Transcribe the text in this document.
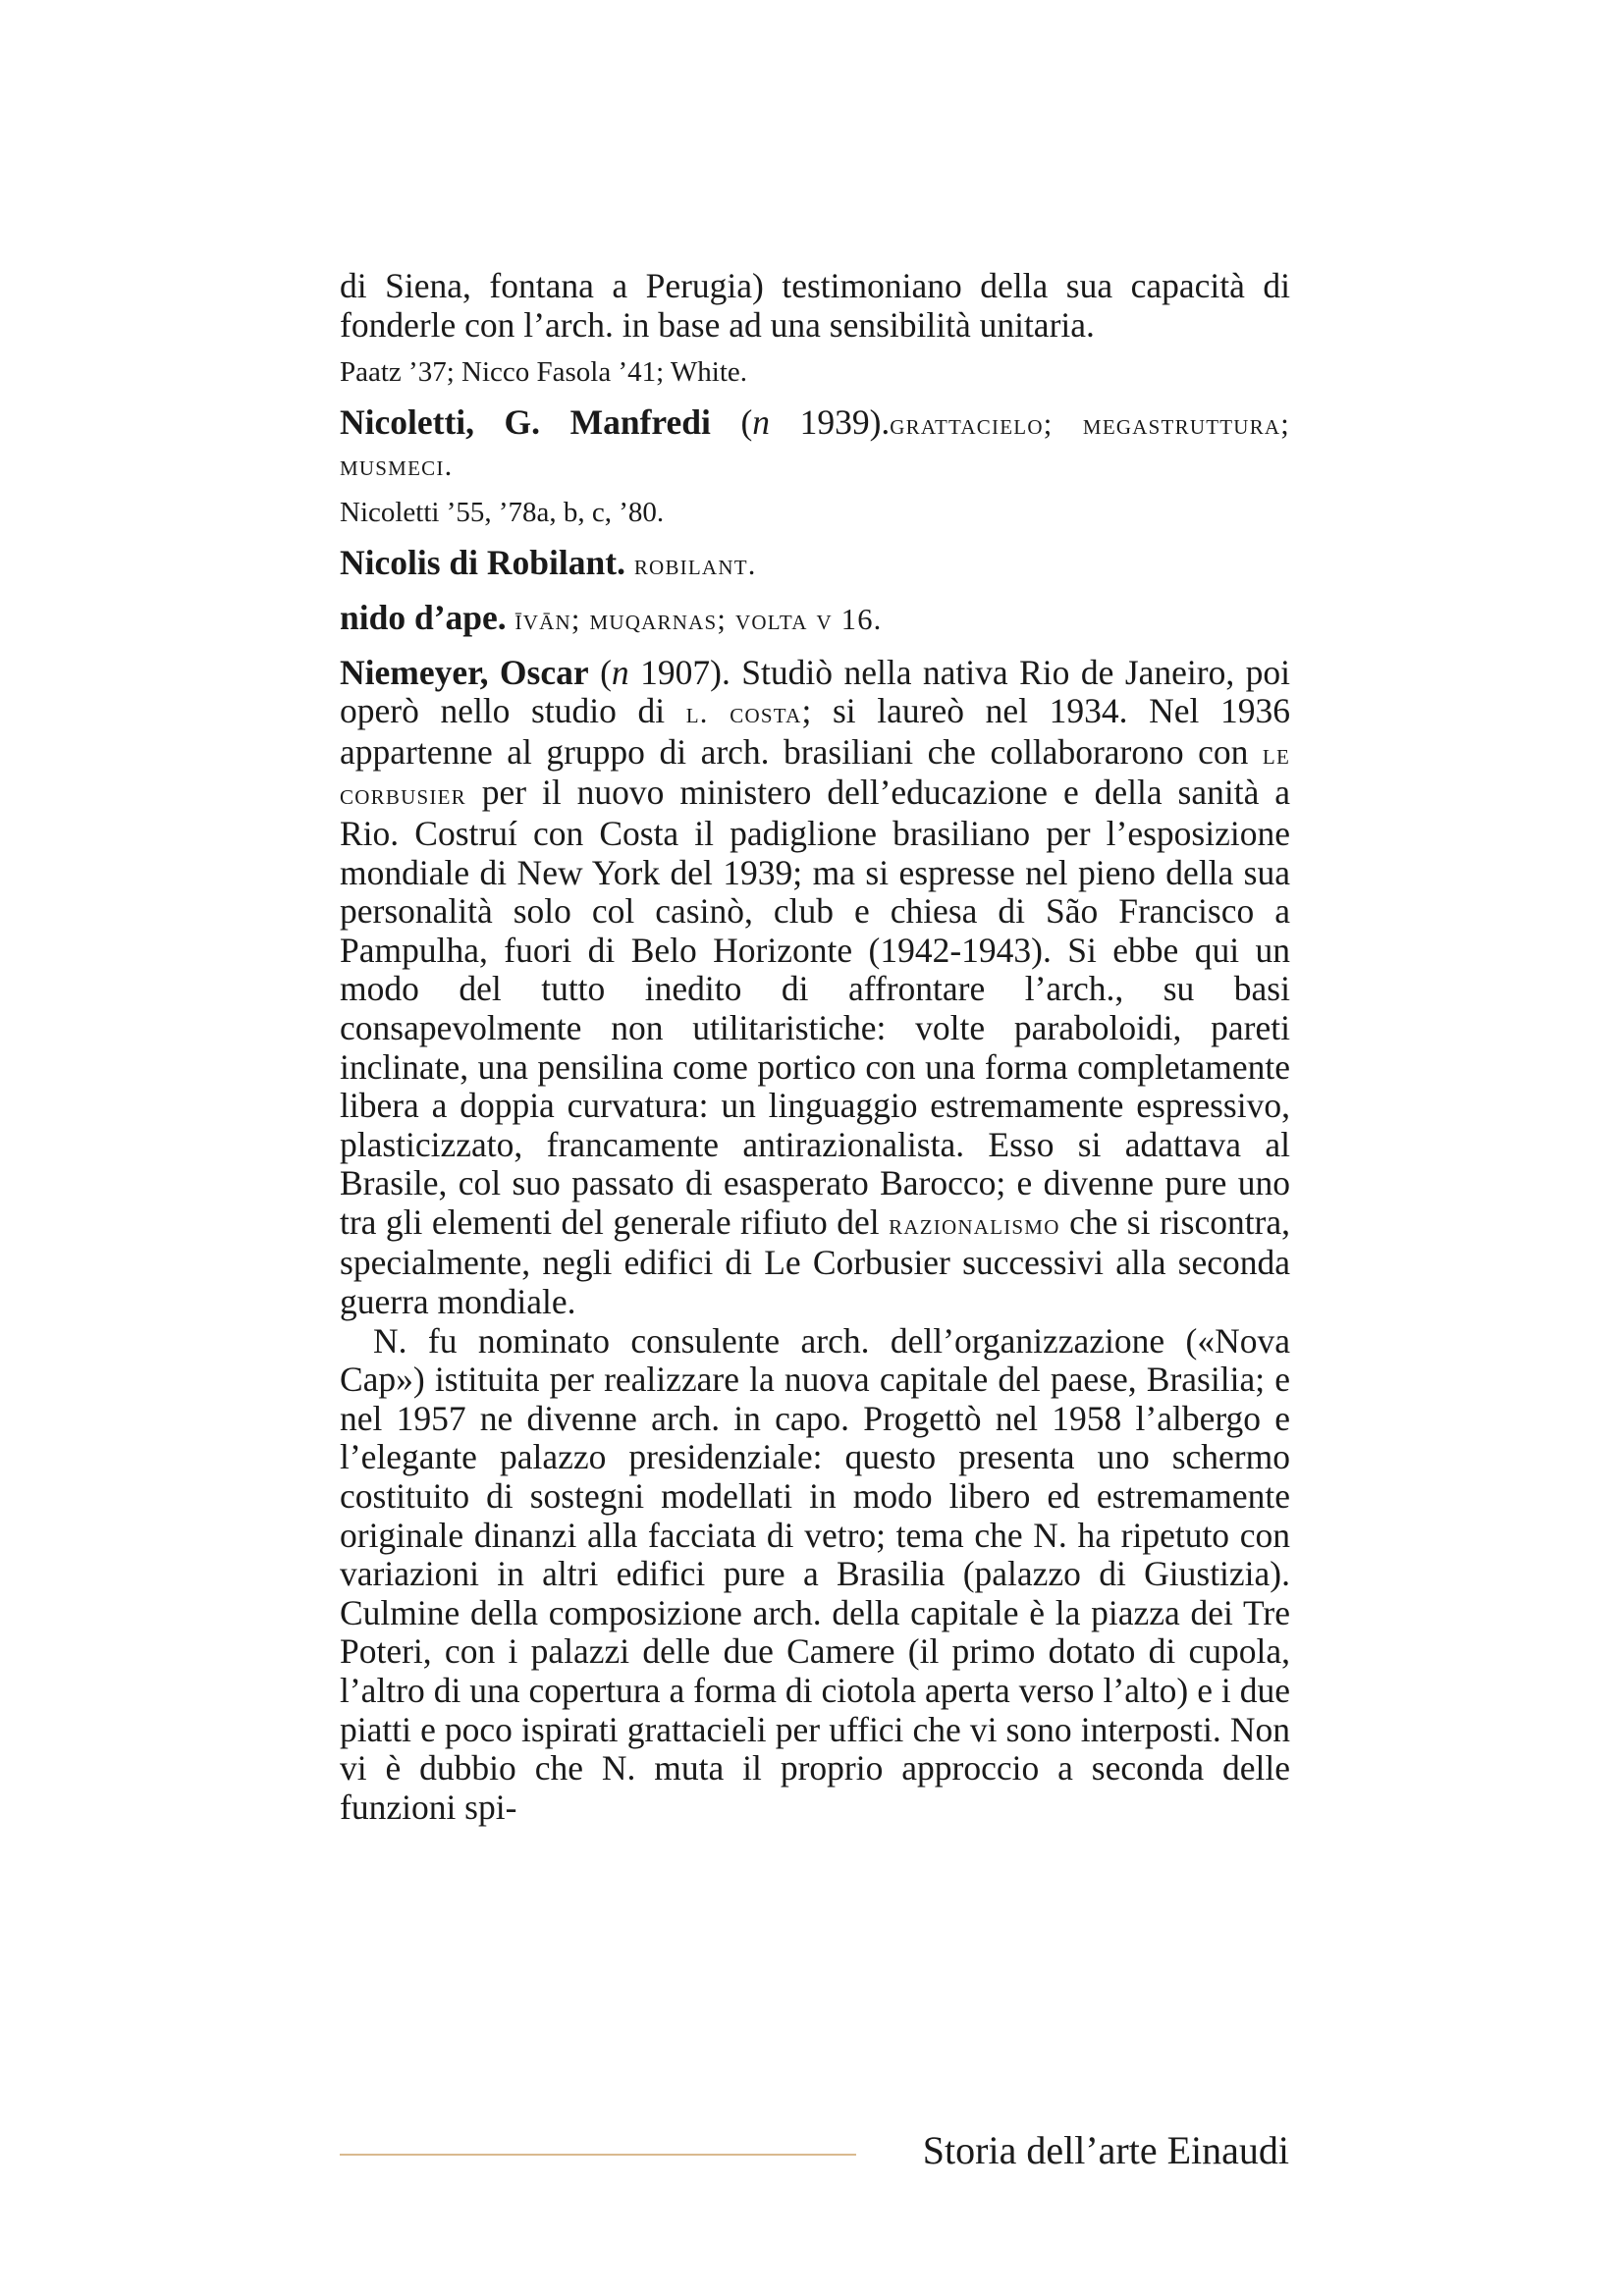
di Siena, fontana a Perugia) testimoniano della sua capacità di fonderle con l’arch. in base ad una sensibilità unitaria.

Paatz ’37; Nicco Fasola ’41; White.

Nicoletti, G. Manfredi (n 1939).grattacielo; megastruttura; musmeci.

Nicoletti ’55, ’78a, b, c, ’80.

Nicolis di Robilant. robilant.

nido d’ape. īvān; muqarnas; volta v 16.

Niemeyer, Oscar (n 1907). Studiò nella nativa Rio de Janeiro, poi operò nello studio di l. costa; si laureò nel 1934. Nel 1936 appartenne al gruppo di arch. brasiliani che collaborarono con le corbusier per il nuovo ministero dell’educazione e della sanità a Rio. Costruí con Costa il padiglione brasiliano per l’esposizione mondiale di New York del 1939; ma si espresse nel pieno della sua personalità solo col casinò, club e chiesa di São Francisco a Pampulha, fuori di Belo Horizonte (1942-1943). Si ebbe qui un modo del tutto inedito di affrontare l’arch., su basi consapevolmente non utilitaristiche: volte paraboloidi, pareti inclinate, una pensilina come portico con una forma completamente libera a doppia curvatura: un linguaggio estremamente espressivo, plasticizzato, francamente antirazionalista. Esso si adattava al Brasile, col suo passato di esasperato Barocco; e divenne pure uno tra gli elementi del generale rifiuto del razionalismo che si riscontra, specialmente, negli edifici di Le Corbusier successivi alla seconda guerra mondiale.

N. fu nominato consulente arch. dell’organizzazione («Nova Cap») istituita per realizzare la nuova capitale del paese, Brasilia; e nel 1957 ne divenne arch. in capo. Progettò nel 1958 l’albergo e l’elegante palazzo presidenziale: questo presenta uno schermo costituito di sostegni modellati in modo libero ed estremamente originale dinanzi alla facciata di vetro; tema che N. ha ripetuto con variazioni in altri edifici pure a Brasilia (palazzo di Giustizia). Culmine della composizione arch. della capitale è la piazza dei Tre Poteri, con i palazzi delle due Camere (il primo dotato di cupola, l’altro di una copertura a forma di ciotola aperta verso l’alto) e i due piatti e poco ispirati grattacieli per uffici che vi sono interposti. Non vi è dubbio che N. muta il proprio approccio a seconda delle funzioni spi-

Storia dell’arte Einaudi
